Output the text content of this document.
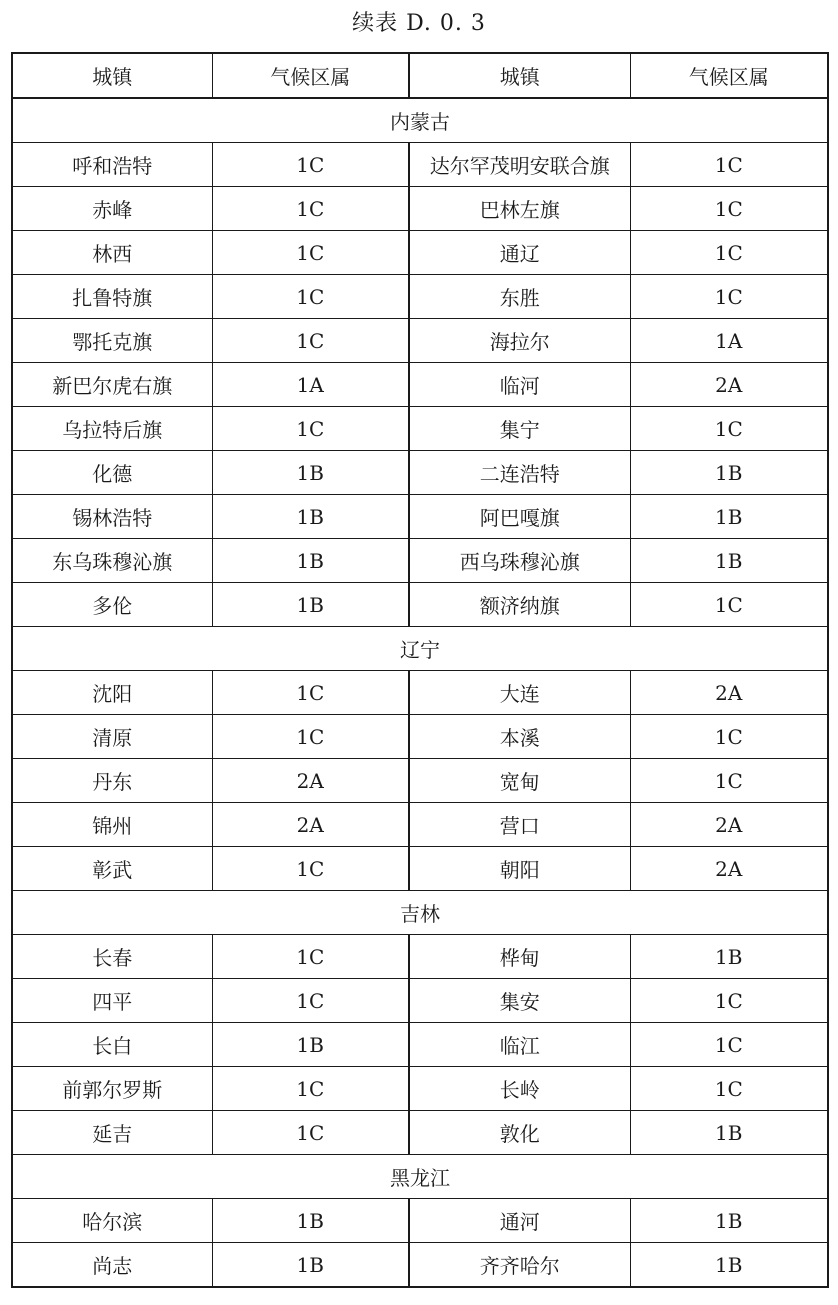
续表 D. 0. 3
城镇	气候区属	城镇	气候区属
内蒙古			
呼和浩特	1C	达尔罕茂明安联合旗	1C
赤峰	1C	巴林左旗	1C
林西	1C	通辽	1C
扎鲁特旗	1C	东胜	1C
鄂托克旗	1C	海拉尔	1A
新巴尔虎右旗	1A	临河	2A
乌拉特后旗	1C	集宁	1C
化德	1B	二连浩特	1B
锡林浩特	1B	阿巴嘎旗	1B
东乌珠穆沁旗	1B	西乌珠穆沁旗	1B
多伦	1B	额济纳旗	1C
辽宁			
沈阳	1C	大连	2A
清原	1C	本溪	1C
丹东	2A	宽甸	1C
锦州	2A	营口	2A
彰武	1C	朝阳	2A
吉林			
长春	1C	桦甸	1B
四平	1C	集安	1C
长白	1B	临江	1C
前郭尔罗斯	1C	长岭	1C
延吉	1C	敦化	1B
黑龙江			
哈尔滨	1B	通河	1B
尚志	1B	齐齐哈尔	1B
